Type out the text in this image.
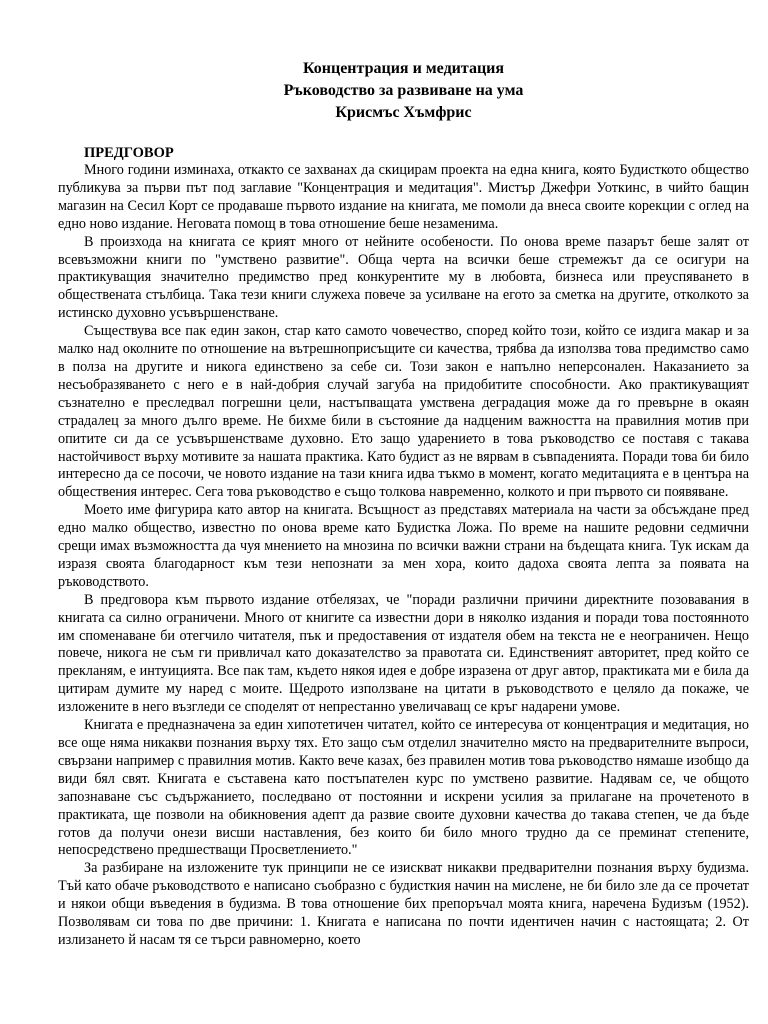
Концентрация и медитация
Ръководство за развиване на ума
Крисмъс Хъмфрис
ПРЕДГОВОР

Много години изминаха, откакто се захванах да скицирам проекта на една книга, която Будисткото общество публикува за първи път под заглавие "Концентрация и медитация". Мистър Джефри Уоткинс, в чийто бащин магазин на Сесил Корт се продаваше първото издание на книгата, ме помоли да внеса своите корекции с оглед на едно ново издание. Неговата помощ в това отношение беше незаменима.

В произхода на книгата се крият много от нейните особености. По онова време пазарът беше залят от всевъзможни книги по "умствено развитие". Обща черта на всички беше стремежът да се осигури на практикуващия значително предимство пред конкурентите му в любовта, бизнеса или преуспяването в обществената стълбица. Така тези книги служеха повече за усилване на егото за сметка на другите, отколкото за истинско духовно усъвършенстване.

Съществува все пак един закон, стар като самото човечество, според който този, който се издига макар и за малко над околните по отношение на вътрешноприсъщите си качества, трябва да използва това предимство само в полза на другите и никога единствено за себе си. Този закон е напълно неперсонален. Наказанието за несъобразяването с него е в най-добрия случай загуба на придобитите способности. Ако практикуващият съзнателно е преследвал погрешни цели, настъпващата умствена деградация може да го превърне в окаян страдалец за много дълго време. Не бихме били в състояние да надценим важността на правилния мотив при опитите си да се усъвършенстваме духовно. Ето защо ударението в това ръководство се поставя с такава настойчивост върху мотивите за нашата практика. Като будист аз не вярвам в съвпаденията. Поради това би било интересно да се посочи, че новото издание на тази книга идва тъкмо в момент, когато медитацията е в центъра на обществения интерес. Сега това ръководство е също толкова навременно, колкото и при първото си появяване.

Моето име фигурира като автор на книгата. Всъщност аз представях материала на части за обсъждане пред едно малко общество, известно по онова време като Будистка Ложа. По време на нашите редовни седмични срещи имах възможността да чуя мнението на мнозина по всички важни страни на бъдещата книга. Тук искам да изразя своята благодарност към тези непознати за мен хора, които дадоха своята лепта за появата на ръководството.

В предговора към първото издание отбелязах, че "поради различни причини директните позовавания в книгата са силно ограничени. Много от книгите са известни дори в няколко издания и поради това постоянното им споменаване би отегчило читателя, пък и предоставения от издателя обем на текста не е неограничен. Нещо повече, никога не съм ги привличал като доказателство за правотата си. Единственият авторитет, пред който се прекланям, е интуицията. Все пак там, където някоя идея е добре изразена от друг автор, практиката ми е била да цитирам думите му наред с моите. Щедрото използване на цитати в ръководството е целяло да покаже, че изложените в него възгледи се споделят от непрестанно увеличаващ се кръг надарени умове.

Книгата е предназначена за един хипотетичен читател, който се интересува от концентрация и медитация, но все още няма никакви познания върху тях. Ето защо съм отделил значително място на предварителните въпроси, свързани например с правилния мотив. Както вече казах, без правилен мотив това ръководство нямаше изобщо да види бял свят. Книгата е съставена като постъпателен курс по умствено развитие. Надявам се, че общото запознаване със съдържанието, последвано от постоянни и искрени усилия за прилагане на прочетеното в практиката, ще позволи на обикновения адепт да развие своите духовни качества до такава степен, че да бъде готов да получи онези висши наставления, без които би било много трудно да се преминат степените, непосредствено предшестващи Просветлението."

За разбиране на изложените тук принципи не се изискват никакви предварителни познания върху будизма. Тъй като обаче ръководството е написано съобразно с будисткия начин на мислене, не би било зле да се прочетат и някои общи въведения в будизма. В това отношение бих препоръчал моята книга, наречена Будизъм (1952). Позволявам си това по две причини: 1. Книгата е написана по почти идентичен начин с настоящата; 2. От излизането й насам тя се търси равномерно, което
